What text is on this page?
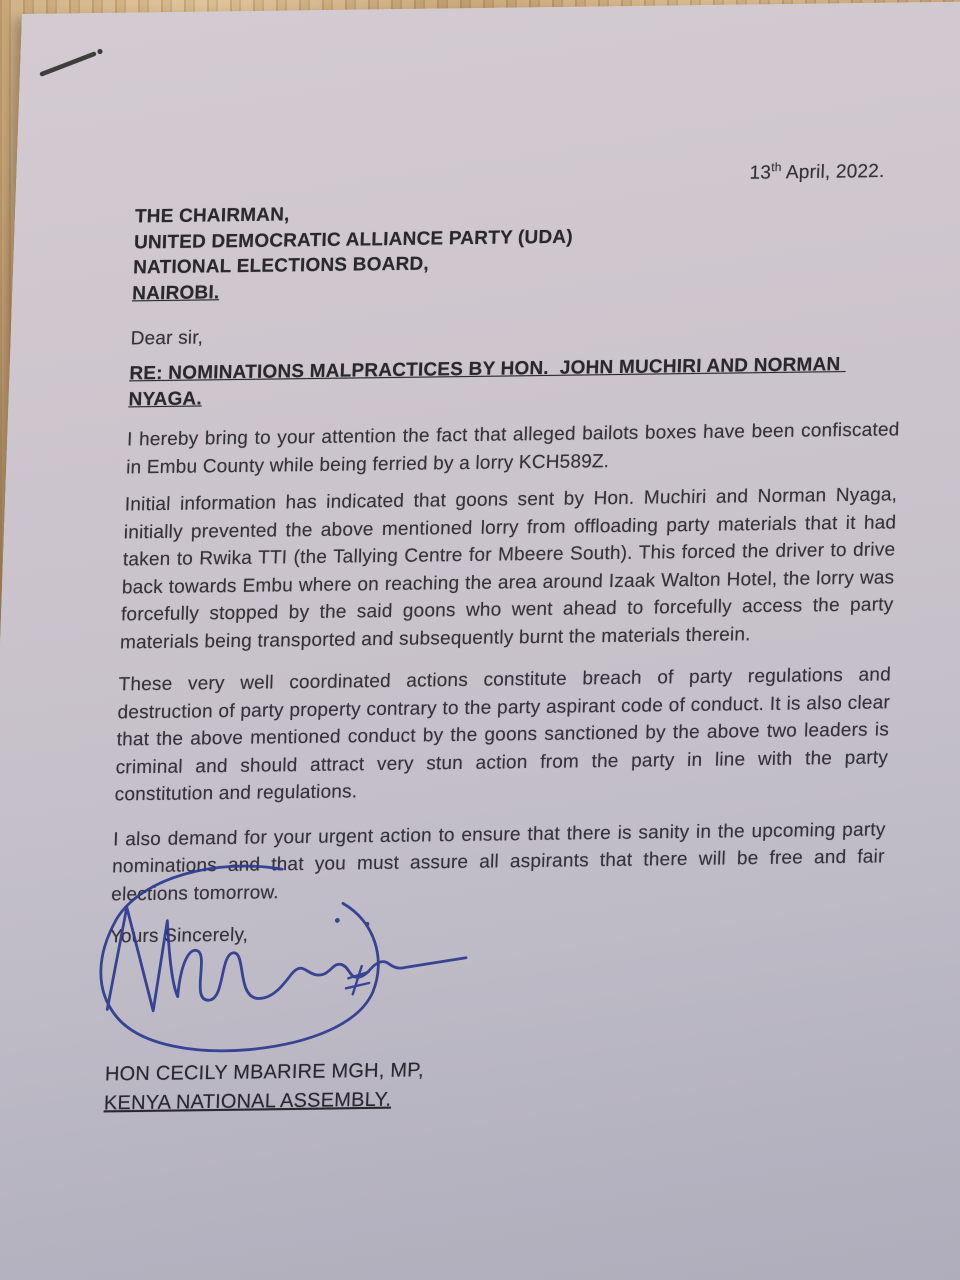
13th April, 2022.
THE CHAIRMAN,
UNITED DEMOCRATIC ALLIANCE PARTY (UDA)
NATIONAL ELECTIONS BOARD,
NAIROBI.
Dear sir,
RE: NOMINATIONS MALPRACTICES BY HON.  JOHN MUCHIRI AND NORMAN NYAGA.

I hereby bring to your attention the fact that alleged bailots boxes have been confiscated in Embu County while being ferried by a lorry KCH589Z.

Initial information has indicated that goons sent by Hon. Muchiri and Norman Nyaga, initially prevented the above mentioned lorry from offloading party materials that it had taken to Rwika TTI (the Tallying Centre for Mbeere South). This forced the driver to drive back towards Embu where on reaching the area around Izaak Walton Hotel, the lorry was forcefully stopped by the said goons who went ahead to forcefully access the party materials being transported and subsequently burnt the materials therein.

These very well coordinated actions constitute breach of party regulations and destruction of party property contrary to the party aspirant code of conduct. It is also clear that the above mentioned conduct by the goons sanctioned by the above two leaders is criminal and should attract very stun action from the party in line with the party constitution and regulations.

I also demand for your urgent action to ensure that there is sanity in the upcoming party nominations and that you must assure all aspirants that there will be free and fair elections tomorrow.

Yours Sincerely,
HON CECILY MBARIRE MGH, MP,
KENYA NATIONAL ASSEMBLY.
